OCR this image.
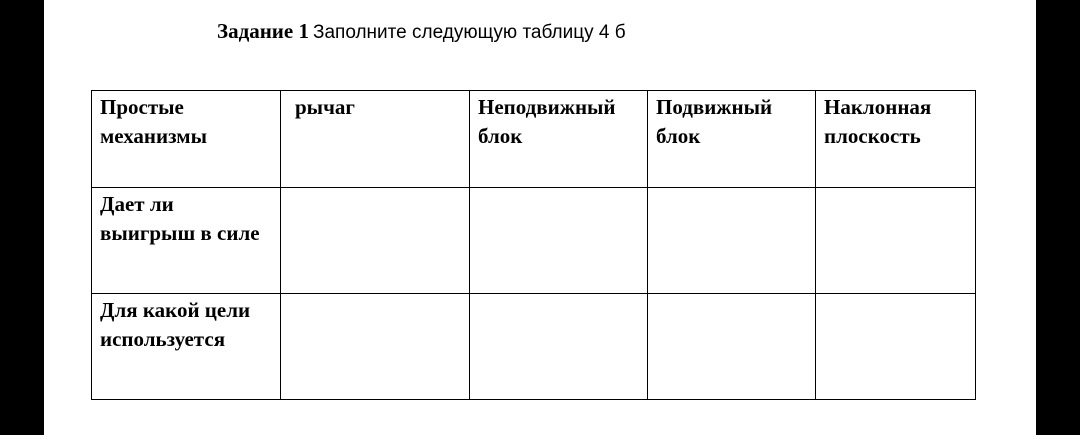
Задание 1 Заполните следующую таблицу 4 б
Простые механизмы	рычаг	Неподвижный блок	Подвижный блок	Наклонная плоскость
Дает ли выигрыш в силе				
Для какой цели используется				
